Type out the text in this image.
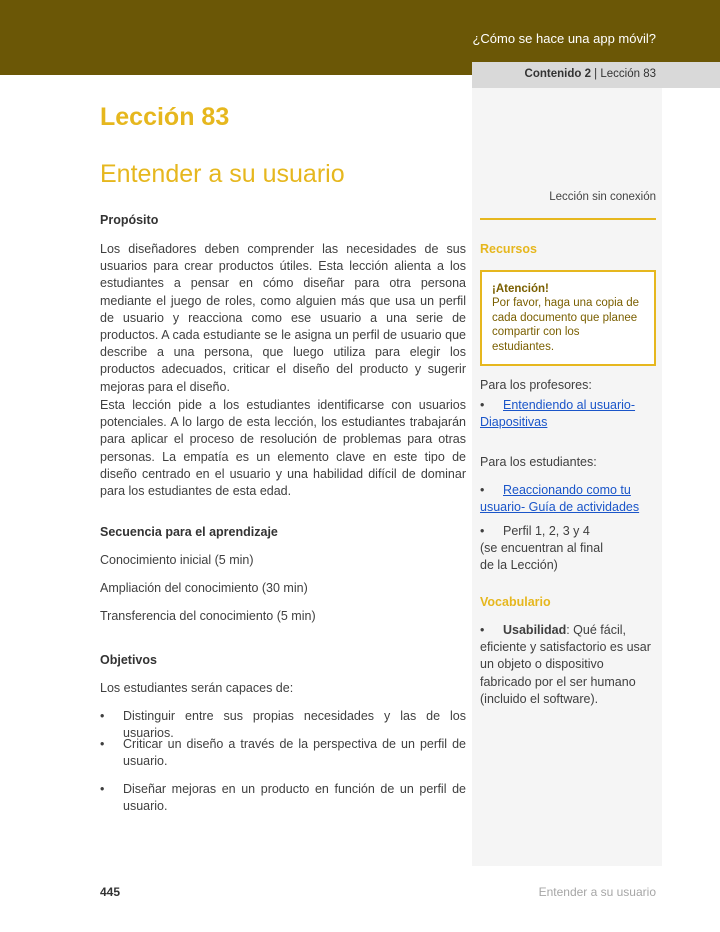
¿Cómo se hace una app móvil?
Contenido 2 | Lección 83
Lección 83
Entender a su usuario

Propósito

Los diseñadores deben comprender las necesidades de sus usuarios para crear productos útiles. Esta lección alienta a los estudiantes a pensar en cómo diseñar para otra persona mediante el juego de roles, como alguien más que usa un perfil de usuario y reacciona como ese usuario a una serie de productos. A cada estudiante se le asigna un perfil de usuario que describe a una persona, que luego utiliza para elegir los productos adecuados, criticar el diseño del producto y sugerir mejoras para el diseño.

Esta lección pide a los estudiantes identificarse con usuarios potenciales. A lo largo de esta lección, los estudiantes trabajarán para aplicar el proceso de resolución de problemas para otras personas. La empatía es un elemento clave en este tipo de diseño centrado en el usuario y una habilidad difícil de dominar para los estudiantes de esta edad.

Secuencia para el aprendizaje

Conocimiento inicial (5 min)

Ampliación del conocimiento (30 min)

Transferencia del conocimiento (5 min)

Objetivos

Los estudiantes serán capaces de:

•	Distinguir entre sus propias necesidades y las de los usuarios.
•	Criticar un diseño a través de la perspectiva de un perfil de usuario.
•	Diseñar mejoras en un producto en función de un perfil de usuario.
Lección sin conexión
Recursos
¡Atención!
Por favor, haga una copia de cada documento que planee compartir con los estudiantes.
Para los profesores:
• Entendiendo al usuario- Diapositivas
Para los estudiantes:
• Reaccionando como tu usuario- Guía de actividades
• Perfil 1, 2, 3 y 4
(se encuentran al final de la Lección)
Vocabulario
• Usabilidad: Qué fácil, eficiente y satisfactorio es usar un objeto o dispositivo fabricado por el ser humano (incluido el software).
445	Entender a su usuario
